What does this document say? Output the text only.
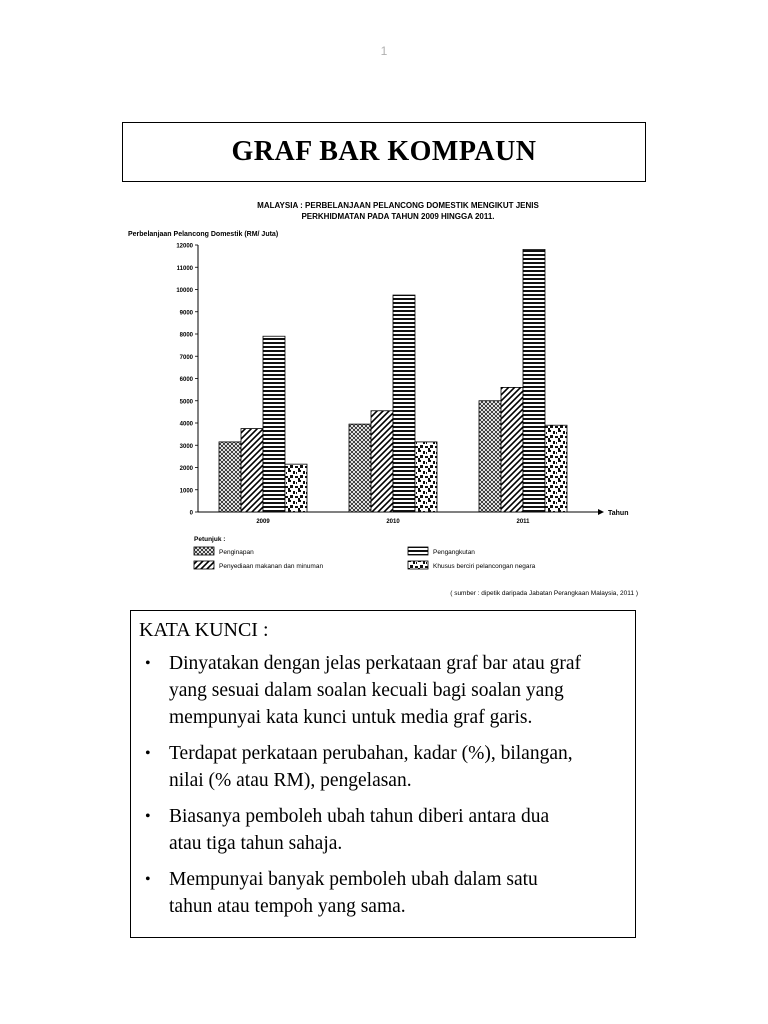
1
GRAF BAR KOMPAUN
MALAYSIA : PERBELANJAAN PELANCONG DOMESTIK MENGIKUT JENIS
PERKHIDMATAN PADA TAHUN 2009 HINGGA 2011.
Perbelanjaan Pelancong Domestik (RM/ Juta)
Tahun
0
1000
2000
3000
4000
5000
6000
7000
8000
9000
10000
11000
12000
2009	2010	2011
Petunjuk :
Penginapan
Penyediaan makanan dan minuman
Pengangkutan
Khusus berciri pelancongan negara
( sumber : dipetik daripada Jabatan Perangkaan Malaysia, 2011 )
KATA KUNCI :
• Dinyatakan dengan jelas perkataan graf bar atau graf
yang sesuai dalam soalan kecuali bagi soalan yang
mempunyai kata kunci untuk media graf garis.
• Terdapat perkataan perubahan, kadar (%), bilangan,
nilai (% atau RM), pengelasan.
• Biasanya pemboleh ubah tahun diberi antara dua
atau tiga tahun sahaja.
• Mempunyai banyak pemboleh ubah dalam satu
tahun atau tempoh yang sama.
